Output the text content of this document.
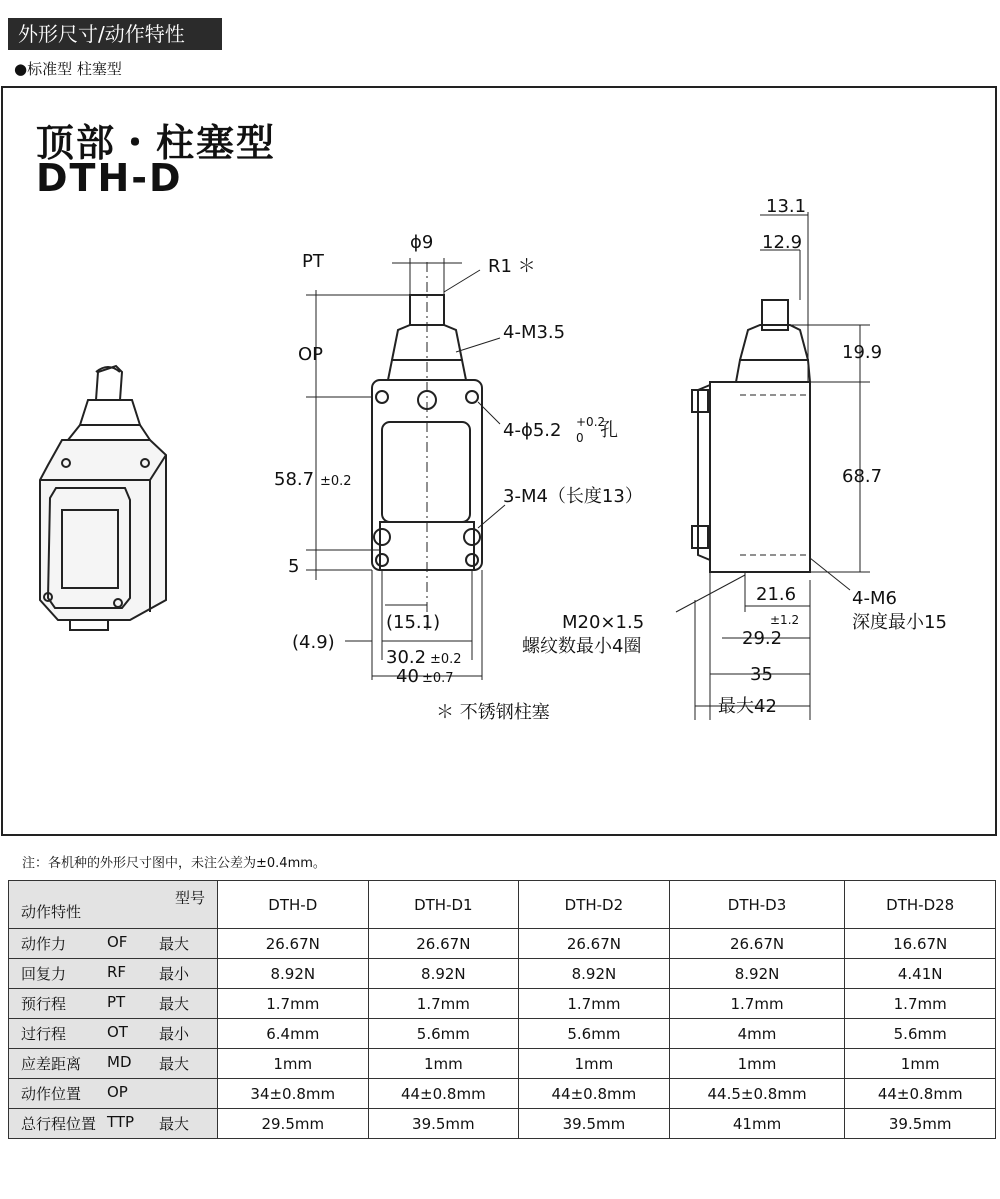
外形尺寸/动作特性
●标准型 柱塞型
顶部・柱塞型
DTH-D
PT
OP
ϕ9
R1 ＊
4-M3.5
4-ϕ5.2 +0.2
0 孔
3-M4（长度13）
58.7 ±0.2
5
(4.9)
(15.1)
30.2 ±0.2
40 ±0.7
＊ 不锈钢柱塞
13.1
12.9
19.9
68.7
21.6
±1.2
29.2
35
最大42
M20×1.5
螺纹数最小4圈
4-M6
深度最小15
注：各机种的外形尺寸图中，未注公差为±0.4mm。
型号
动作特性	DTH-D	DTH-D1	DTH-D2	DTH-D3	DTH-D28

动作力 OF 最大	26.67N	26.67N	26.67N	26.67N	16.67N

回复力 RF 最小	8.92N	8.92N	8.92N	8.92N	4.41N

预行程 PT 最大	1.7mm	1.7mm	1.7mm	1.7mm	1.7mm

过行程 OT 最小	6.4mm	5.6mm	5.6mm	4mm	5.6mm

应差距离 MD 最大	1mm	1mm	1mm	1mm	1mm

动作位置 OP	34±0.8mm	44±0.8mm	44±0.8mm	44.5±0.8mm	44±0.8mm

总行程位置 TTP 最大	29.5mm	39.5mm	39.5mm	41mm	39.5mm
